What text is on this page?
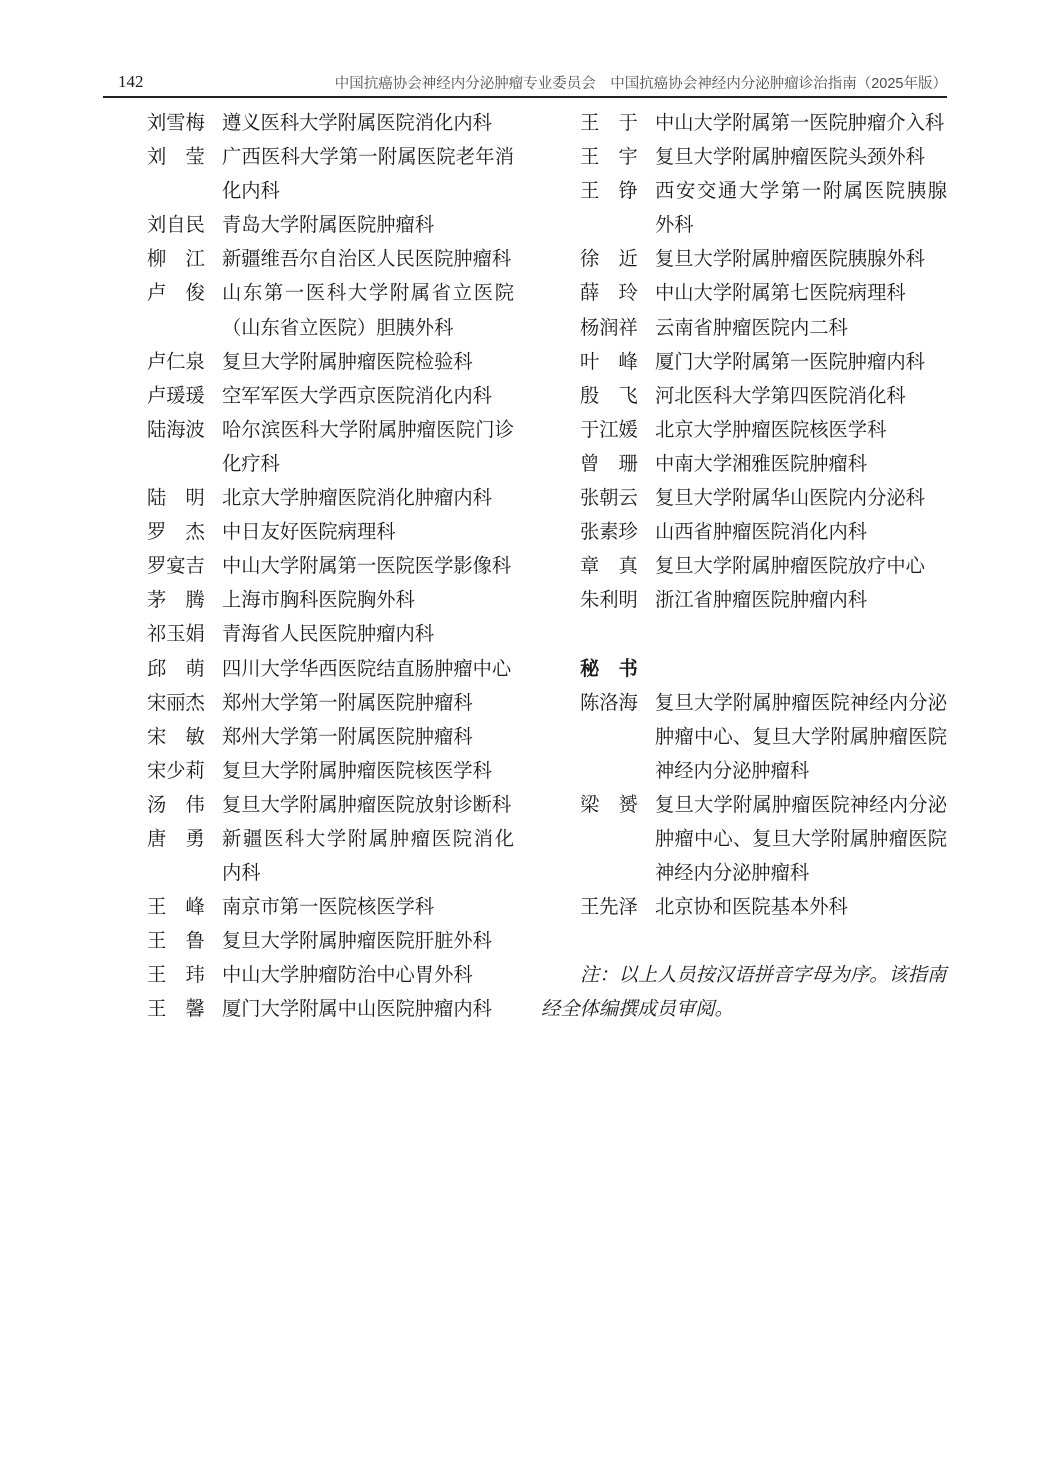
142	中国抗癌协会神经内分泌肿瘤专业委员会　中国抗癌协会神经内分泌肿瘤诊治指南（2025年版）
刘雪梅 遵义医科大学附属医院消化内科
刘　莹 广西医科大学第一附属医院老年消
化内科
刘自民 青岛大学附属医院肿瘤科
柳　江 新疆维吾尔自治区人民医院肿瘤科
卢　俊 山东第一医科大学附属省立医院
（山东省立医院）胆胰外科
卢仁泉 复旦大学附属肿瘤医院检验科
卢瑗瑗 空军军医大学西京医院消化内科
陆海波 哈尔滨医科大学附属肿瘤医院门诊
化疗科
陆　明 北京大学肿瘤医院消化肿瘤内科
罗　杰 中日友好医院病理科
罗宴吉 中山大学附属第一医院医学影像科
茅　腾 上海市胸科医院胸外科
祁玉娟 青海省人民医院肿瘤内科
邱　萌 四川大学华西医院结直肠肿瘤中心
宋丽杰 郑州大学第一附属医院肿瘤科
宋　敏 郑州大学第一附属医院肿瘤科
宋少莉 复旦大学附属肿瘤医院核医学科
汤　伟 复旦大学附属肿瘤医院放射诊断科
唐　勇 新疆医科大学附属肿瘤医院消化
内科
王　峰 南京市第一医院核医学科
王　鲁 复旦大学附属肿瘤医院肝脏外科
王　玮 中山大学肿瘤防治中心胃外科
王　馨 厦门大学附属中山医院肿瘤内科
王　于 中山大学附属第一医院肿瘤介入科
王　宇 复旦大学附属肿瘤医院头颈外科
王　铮 西安交通大学第一附属医院胰腺
外科
徐　近 复旦大学附属肿瘤医院胰腺外科
薛　玲 中山大学附属第七医院病理科
杨润祥 云南省肿瘤医院内二科
叶　峰 厦门大学附属第一医院肿瘤内科
殷　飞 河北医科大学第四医院消化科
于江媛 北京大学肿瘤医院核医学科
曾　珊 中南大学湘雅医院肿瘤科
张朝云 复旦大学附属华山医院内分泌科
张素珍 山西省肿瘤医院消化内科
章　真 复旦大学附属肿瘤医院放疗中心
朱利明 浙江省肿瘤医院肿瘤内科
秘　书
陈洛海 复旦大学附属肿瘤医院神经内分泌
肿瘤中心、复旦大学附属肿瘤医院
神经内分泌肿瘤科
梁　赟 复旦大学附属肿瘤医院神经内分泌
肿瘤中心、复旦大学附属肿瘤医院
神经内分泌肿瘤科
王先泽 北京协和医院基本外科
注：以上人员按汉语拼音字母为序。该指南
经全体编撰成员审阅。
